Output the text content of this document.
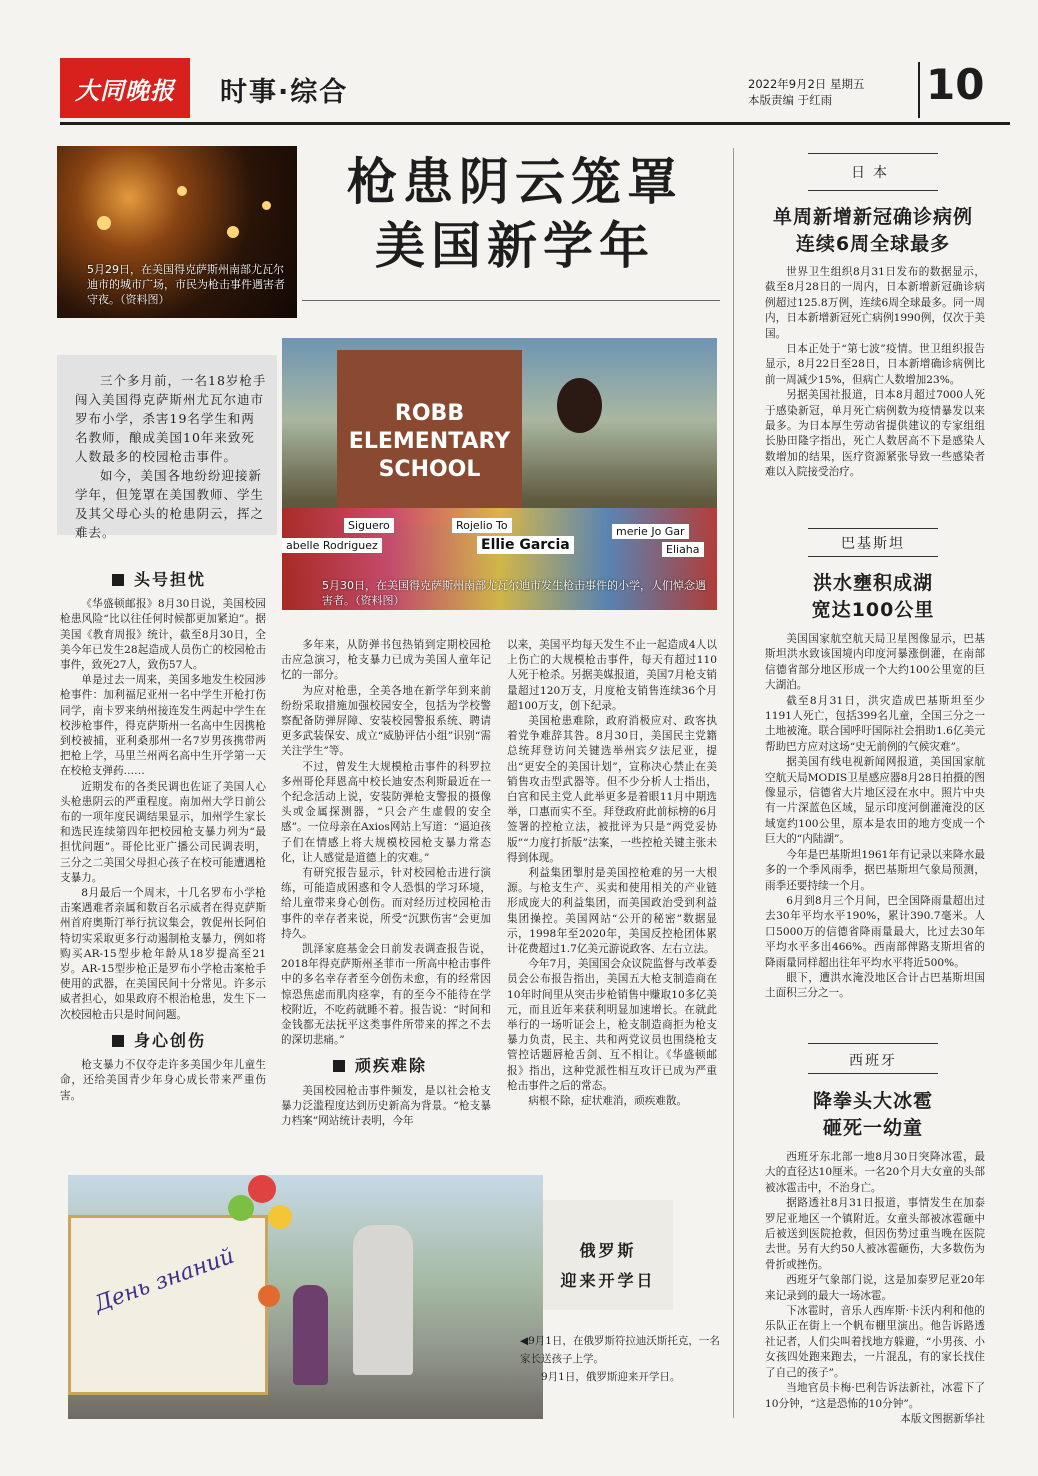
大同晚报 时事·综合	2022年9月2日 星期五
本版责编 于红雨 10
5月29日，在美国得克萨斯州南部尤瓦尔迪市的城市广场，市民为枪击事件遇害者守夜。（资料图）
枪患阴云笼罩
美国新学年

三个多月前，一名18岁枪手闯入美国得克萨斯州尤瓦尔迪市罗布小学，杀害19名学生和两名教师，酿成美国10年来致死人数最多的校园枪击事件。

如今，美国各地纷纷迎接新学年，但笼罩在美国教师、学生及其父母心头的枪患阴云，挥之难去。

ROBB
ELEMENTARY
SCHOOL
Siguero	Rojelio To
abelle Rodriguez	Ellie Garcia
merie Jo Gar
Eliaha
5月30日，在美国得克萨斯州南部尤瓦尔迪市发生枪击事件的小学，人们悼念遇害者。（资料图）
头号担忧

《华盛顿邮报》8月30日说，美国校园枪患风险“比以往任何时候都更加紧迫”。据美国《教育周报》统计，截至8月30日，全美今年已发生28起造成人员伤亡的校园枪击事件，致死27人，致伤57人。

单是过去一周来，美国多地发生校园涉枪事件：加利福尼亚州一名中学生开枪打伤同学，南卡罗来纳州接连发生两起中学生在校涉枪事件，得克萨斯州一名高中生因携枪到校被捕，亚利桑那州一名7岁男孩携带两把枪上学，马里兰州两名高中生开学第一天在校枪支弹药……

近期发布的各类民调也佐证了美国人心头枪患阴云的严重程度。南加州大学日前公布的一项年度民调结果显示，加州学生家长和选民连续第四年把校园枪支暴力列为“最担忧问题”。哥伦比亚广播公司民调表明，三分之二美国父母担心孩子在校可能遭遇枪支暴力。

8月最后一个周末，十几名罗布小学枪击案遇难者亲属和数百名示威者在得克萨斯州首府奥斯汀举行抗议集会，敦促州长阿伯特切实采取更多行动遏制枪支暴力，例如将购买AR-15型步枪年龄从18岁提高至21岁。AR-15型步枪正是罗布小学枪击案枪手使用的武器，在美国民间十分常见。许多示威者担心，如果政府不根治枪患，发生下一次校园枪击只是时间问题。

身心创伤

枪支暴力不仅夺走许多美国少年儿童生命，还给美国青少年身心成长带来严重伤害。

多年来，从防弹书包热销到定期校园枪击应急演习，枪支暴力已成为美国人童年记忆的一部分。

为应对枪患，全美各地在新学年到来前纷纷采取措施加强校园安全，包括为学校警察配备防弹屏障、安装校园警报系统、聘请更多武装保安、成立“威胁评估小组”识别“需关注学生”等。

不过，曾发生大规模枪击事件的科罗拉多州哥伦拜恩高中校长迪安杰利斯最近在一个纪念活动上说，安装防弹枪支警报的摄像头或金属探测器，“只会产生虚假的安全感”。一位母亲在Axios网站上写道：“逼迫孩子们在情感上将大规模校园枪支暴力常态化，让人感觉是道德上的灾难。”

有研究报告显示，针对校园枪击进行演练，可能造成困惑和令人恐惧的学习环境，给儿童带来身心创伤。而对经历过校园枪击事件的幸存者来说，所受“沉默伤害”会更加持久。

凯泽家庭基金会日前发表调查报告说，2018年得克萨斯州圣菲市一所高中枪击事件中的多名幸存者至今创伤未愈，有的经常因惊恐焦虑而肌肉痉挛，有的至今不能待在学校附近，不吃药就睡不着。报告说：“时间和金钱都无法抚平这类事件所带来的挥之不去的深切悲痛。”

顽疾难除

美国校园枪击事件频发，是以社会枪支暴力泛滥程度达到历史新高为背景。“枪支暴力档案”网站统计表明，今年

以来，美国平均每天发生不止一起造成4人以上伤亡的大规模枪击事件，每天有超过110人死于枪杀。另据美媒报道，美国7月枪支销量超过120万支，月度枪支销售连续36个月超100万支，创下纪录。

美国枪患难除，政府消极应对、政客执着党争难辞其咎。8月30日，美国民主党籍总统拜登访问关键选举州宾夕法尼亚，提出“更安全的美国计划”，宣称决心禁止在美销售攻击型武器等。但不少分析人士指出，白宫和民主党人此举更多是着眼11月中期选举，口惠而实不至。拜登政府此前标榜的6月签署的控枪立法，被批评为只是“两党妥协版”“力度打折版”法案，一些控枪关键主张未得到体现。

利益集团掣肘是美国控枪难的另一大根源。与枪支生产、买卖和使用相关的产业链形成庞大的利益集团，而美国政治受到利益集团操控。美国网站“公开的秘密”数据显示，1998年至2020年，美国反控枪团体累计花费超过1.7亿美元游说政客、左右立法。

今年7月，美国国会众议院监督与改革委员会公布报告指出，美国五大枪支制造商在10年时间里从突击步枪销售中赚取10多亿美元，而且近年来获利明显加速增长。在就此举行的一场听证会上，枪支制造商拒为枪支暴力负责，民主、共和两党议员也围绕枪支管控话题唇枪舌剑、互不相让。《华盛顿邮报》指出，这种党派性相互攻讦已成为严重枪击事件之后的常态。

病根不除，症状难消，顽疾难散。

日本
单周新增新冠确诊病例
连续6周全球最多

世界卫生组织8月31日发布的数据显示，截至8月28日的一周内，日本新增新冠确诊病例超过125.8万例，连续6周全球最多。同一周内，日本新增新冠死亡病例1990例，仅次于美国。

日本正处于“第七波”疫情。世卫组织报告显示，8月22日至28日，日本新增确诊病例比前一周减少15%，但病亡人数增加23%。

另据美国社报道，日本8月超过7000人死于感染新冠，单月死亡病例数为疫情暴发以来最多。为日本厚生劳动省提供建议的专家组组长胁田隆字指出，死亡人数居高不下是感染人数增加的结果，医疗资源紧张导致一些感染者难以入院接受治疗。

巴基斯坦
洪水壅积成湖
宽达100公里

美国国家航空航天局卫星图像显示，巴基斯坦洪水致该国境内印度河暴涨倒灌，在南部信德省部分地区形成一个大约100公里宽的巨大湖泊。

截至8月31日，洪灾造成巴基斯坦至少1191人死亡，包括399名儿童，全国三分之一土地被淹。联合国呼吁国际社会捐助1.6亿美元帮助巴方应对这场“史无前例的气候灾难”。

据美国有线电视新闻网报道，美国国家航空航天局MODIS卫星感应器8月28日拍摄的图像显示，信德省大片地区浸在水中。照片中央有一片深蓝色区域，显示印度河倒灌淹没的区域宽约100公里，原本是农田的地方变成一个巨大的“内陆湖”。

今年是巴基斯坦1961年有记录以来降水最多的一个季风雨季，据巴基斯坦气象局预测，雨季还要持续一个月。

6月到8月三个月间，巴全国降雨量超出过去30年平均水平190%，累计390.7毫米。人口5000万的信德省降雨量最大，比过去30年平均水平多出466%。西南部俾路支斯坦省的降雨量同样超出往年平均水平将近500%。

眼下，遭洪水淹没地区合计占巴基斯坦国土面积三分之一。

西班牙
降拳头大冰雹
砸死一幼童

西班牙东北部一地8月30日突降冰雹，最大的直径达10厘米。一名20个月大女童的头部被冰雹击中，不治身亡。

据路透社8月31日报道，事情发生在加泰罗尼亚地区一个镇附近。女童头部被冰雹砸中后被送到医院抢救，但因伤势过重当晚在医院去世。另有大约50人被冰雹砸伤，大多数伤为骨折或挫伤。

西班牙气象部门说，这是加泰罗尼亚20年来记录到的最大一场冰雹。

下冰雹时，音乐人西库斯·卡沃内利和他的乐队正在街上一个帆布棚里演出。他告诉路透社记者，人们尖叫着找地方躲避，“小男孩、小女孩四处跑来跑去，一片混乱，有的家长找住了自己的孩子”。

当地官员卡梅·巴利告诉法新社，冰雹下了10分钟，“这是恐怖的10分钟”。

本版文图据新华社

День знаний	俄罗斯
迎来开学日
◀9月1日，在俄罗斯符拉迪沃斯托克，一名家长送孩子上学。
9月1日，俄罗斯迎来开学日。
